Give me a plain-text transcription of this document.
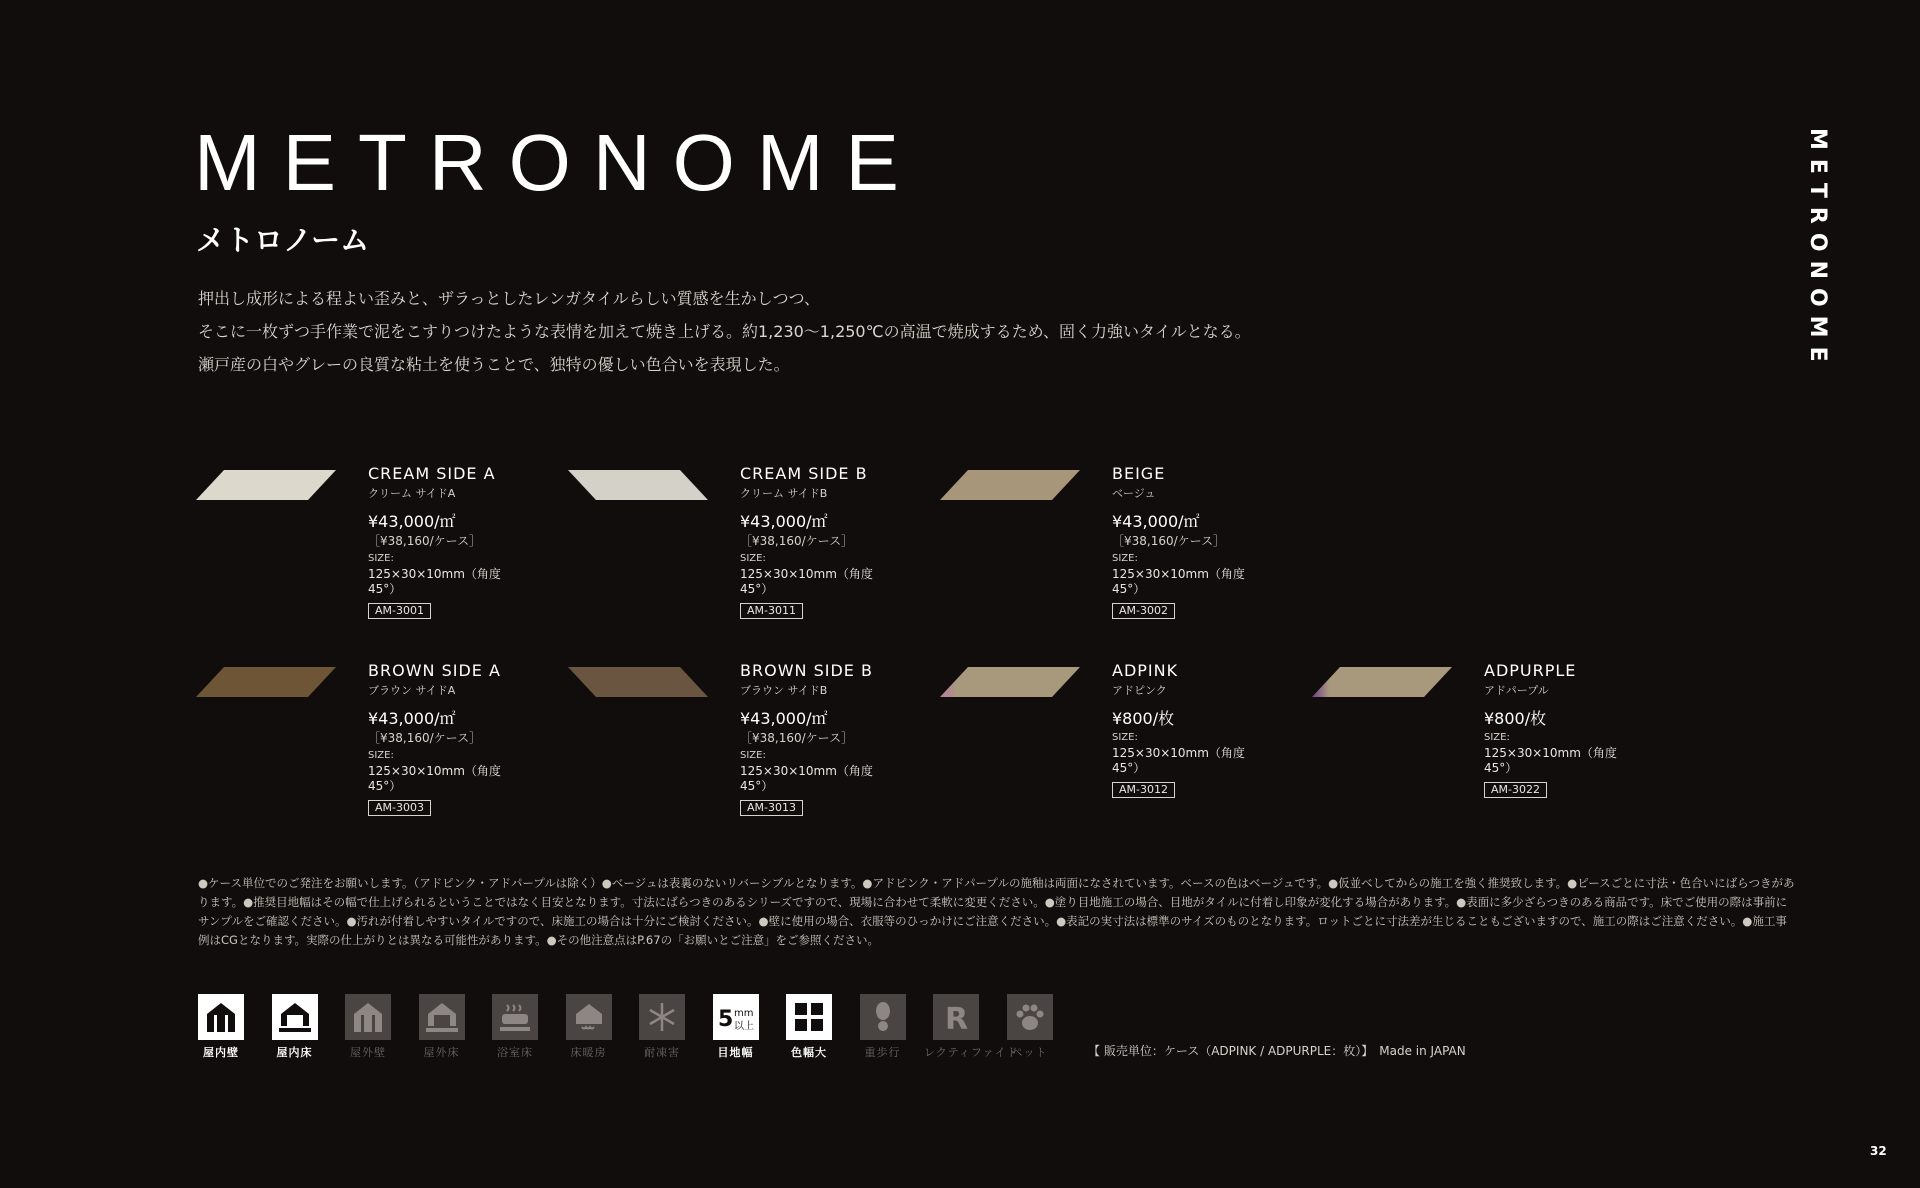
METRONOME
メトロノーム	METRONOME

押出し成形による程よい歪みと、ザラっとしたレンガタイルらしい質感を生かしつつ、

そこに一枚ずつ手作業で泥をこすりつけたような表情を加えて焼き上げる。約1,230〜1,250℃の高温で焼成するため、固く力強いタイルとなる。

瀬戸産の白やグレーの良質な粘土を使うことで、独特の優しい色合いを表現した。

CREAM SIDE A
クリーム サイドA
¥43,000/㎡
［¥38,160/ケース］
SIZE:
125×30×10mm（角度45°）
AM-3001
CREAM SIDE B
クリーム サイドB
¥43,000/㎡
［¥38,160/ケース］
SIZE:
125×30×10mm（角度45°）
AM-3011
BEIGE
ベージュ
¥43,000/㎡
［¥38,160/ケース］
SIZE:
125×30×10mm（角度45°）
AM-3002
BROWN SIDE A
ブラウン サイドA
¥43,000/㎡
［¥38,160/ケース］
SIZE:
125×30×10mm（角度45°）
AM-3003
BROWN SIDE B
ブラウン サイドB
¥43,000/㎡
［¥38,160/ケース］
SIZE:
125×30×10mm（角度45°）
AM-3013
ADPINK
アドピンク
¥800/枚
SIZE:
125×30×10mm（角度45°）
AM-3012
ADPURPLE
アドパープル
¥800/枚
SIZE:
125×30×10mm（角度45°）
AM-3022

●ケース単位でのご発注をお願いします。（アドピンク・アドパープルは除く）●ベージュは表裏のないリバーシブルとなります。●アドピンク・アドパープルの施釉は両面になされています。ベースの色はベージュです。●仮並べしてからの施工を強く推奨致します。●ピースごとに寸法・色合いにばらつきがあります。●推奨目地幅はその幅で仕上げられるということではなく目安となります。寸法にばらつきのあるシリーズですので、現場に合わせて柔軟に変更ください。●塗り目地施工の場合、目地がタイルに付着し印象が変化する場合があります。●表面に多少ざらつきのある商品です。床でご使用の際は事前にサンプルをご確認ください。●汚れが付着しやすいタイルですので、床施工の場合は十分にご検討ください。●壁に使用の場合、衣服等のひっかけにご注意ください。●表記の実寸法は標準のサイズのものとなります。ロットごとに寸法差が生じることもございますので、施工の際はご注意ください。●施工事例はCGとなります。実際の仕上がりとは異なる可能性があります。●その他注意点はP.67の「お願いとご注意」をご参照ください。

屋内壁	屋内床	屋外壁	屋外床	浴室床	床暖房	耐凍害
5 mm
以上
目地幅	色幅大	重歩行
R
レクティファイド
ペット	【 販売単位：ケース（ADPINK / ADPURPLE：枚）】　Made in JAPAN
32
